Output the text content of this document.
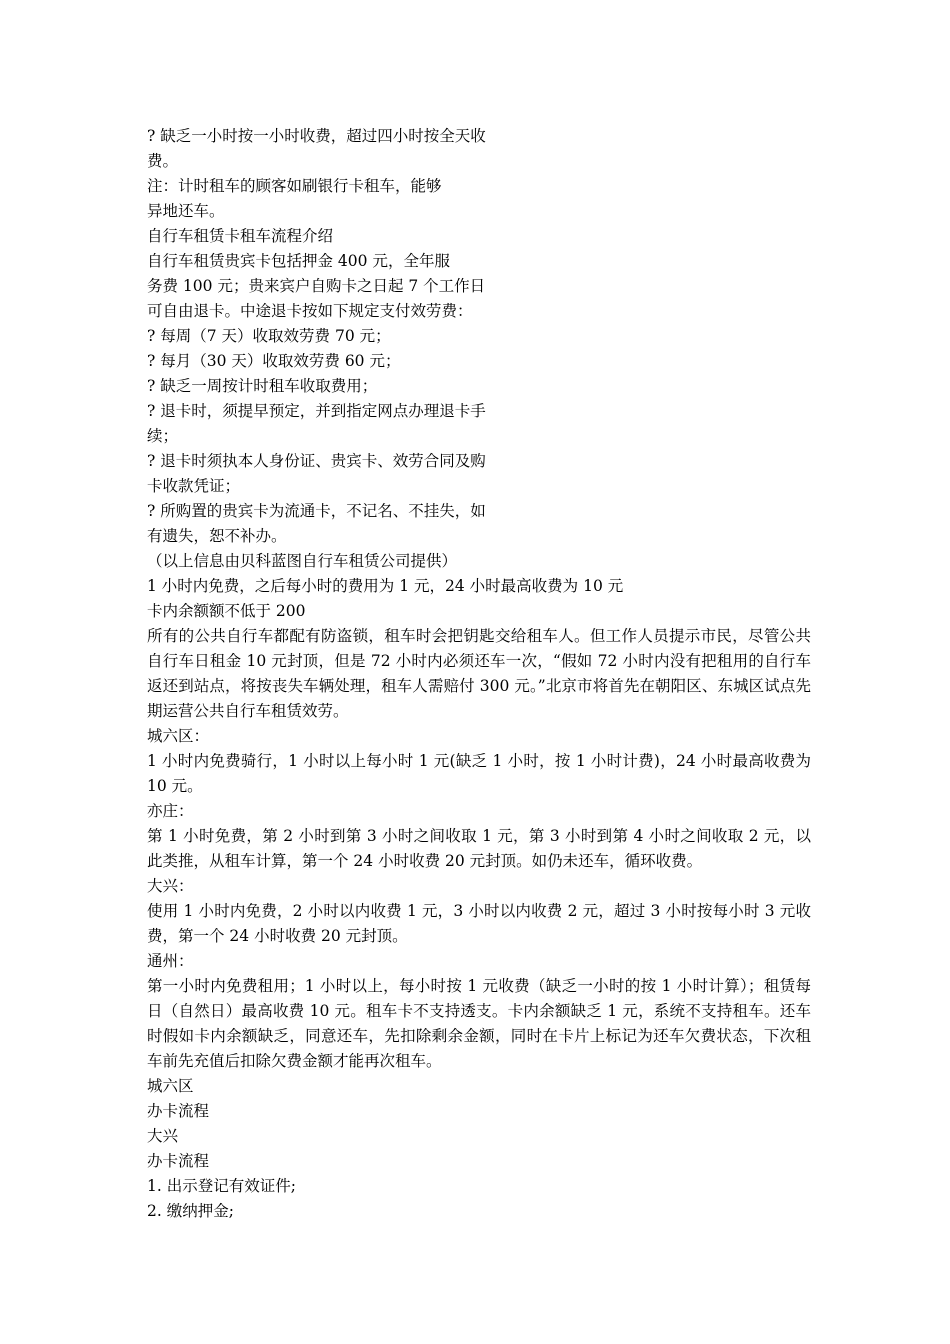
? 缺乏一小时按一小时收费，超过四小时按全天收
费。
注：计时租车的顾客如刷银行卡租车，能够
异地还车。
自行车租赁卡租车流程介绍
自行车租赁贵宾卡包括押金 400 元，全年服
务费 100 元；贵来宾户自购卡之日起 7 个工作日
可自由退卡。中途退卡按如下规定支付效劳费：
? 每周（7 天）收取效劳费 70 元；
? 每月（30 天）收取效劳费 60 元；
? 缺乏一周按计时租车收取费用；
? 退卡时，须提早预定，并到指定网点办理退卡手
续；
? 退卡时须执本人身份证、贵宾卡、效劳合同及购
卡收款凭证；
? 所购置的贵宾卡为流通卡，不记名、不挂失，如
有遗失，恕不补办。
（以上信息由贝科蓝图自行车租赁公司提供）
1 小时内免费，之后每小时的费用为 1 元，24 小时最高收费为 10 元
卡内余额额不低于 200
所有的公共自行车都配有防盗锁，租车时会把钥匙交给租车人。但工作人员提示市民，尽管公共自行车日租金 10 元封顶，但是 72 小时内必须还车一次，“假如 72 小时内没有把租用的自行车返还到站点，将按丧失车辆处理，租车人需赔付 300 元。”北京市将首先在朝阳区、东城区试点先期运营公共自行车租赁效劳。
城六区：
1 小时内免费骑行，1 小时以上每小时 1 元(缺乏 1 小时，按 1 小时计费)，24 小时最高收费为 10 元。
亦庄：
第 1 小时免费，第 2 小时到第 3 小时之间收取 1 元，第 3 小时到第 4 小时之间收取 2 元，以此类推，从租车计算，第一个 24 小时收费 20 元封顶。如仍未还车，循环收费。
大兴：
使用 1 小时内免费，2 小时以内收费 1 元，3 小时以内收费 2 元，超过 3 小时按每小时 3 元收费，第一个 24 小时收费 20 元封顶。
通州：
第一小时内免费租用；1 小时以上，每小时按 1 元收费（缺乏一小时的按 1 小时计算）；租赁每日（自然日）最高收费 10 元。租车卡不支持透支。卡内余额缺乏 1 元，系统不支持租车。还车时假如卡内余额缺乏，同意还车，先扣除剩余金额，同时在卡片上标记为还车欠费状态，下次租车前先充值后扣除欠费金额才能再次租车。
城六区
办卡流程
大兴
办卡流程
1. 出示登记有效证件;
2. 缴纳押金;
